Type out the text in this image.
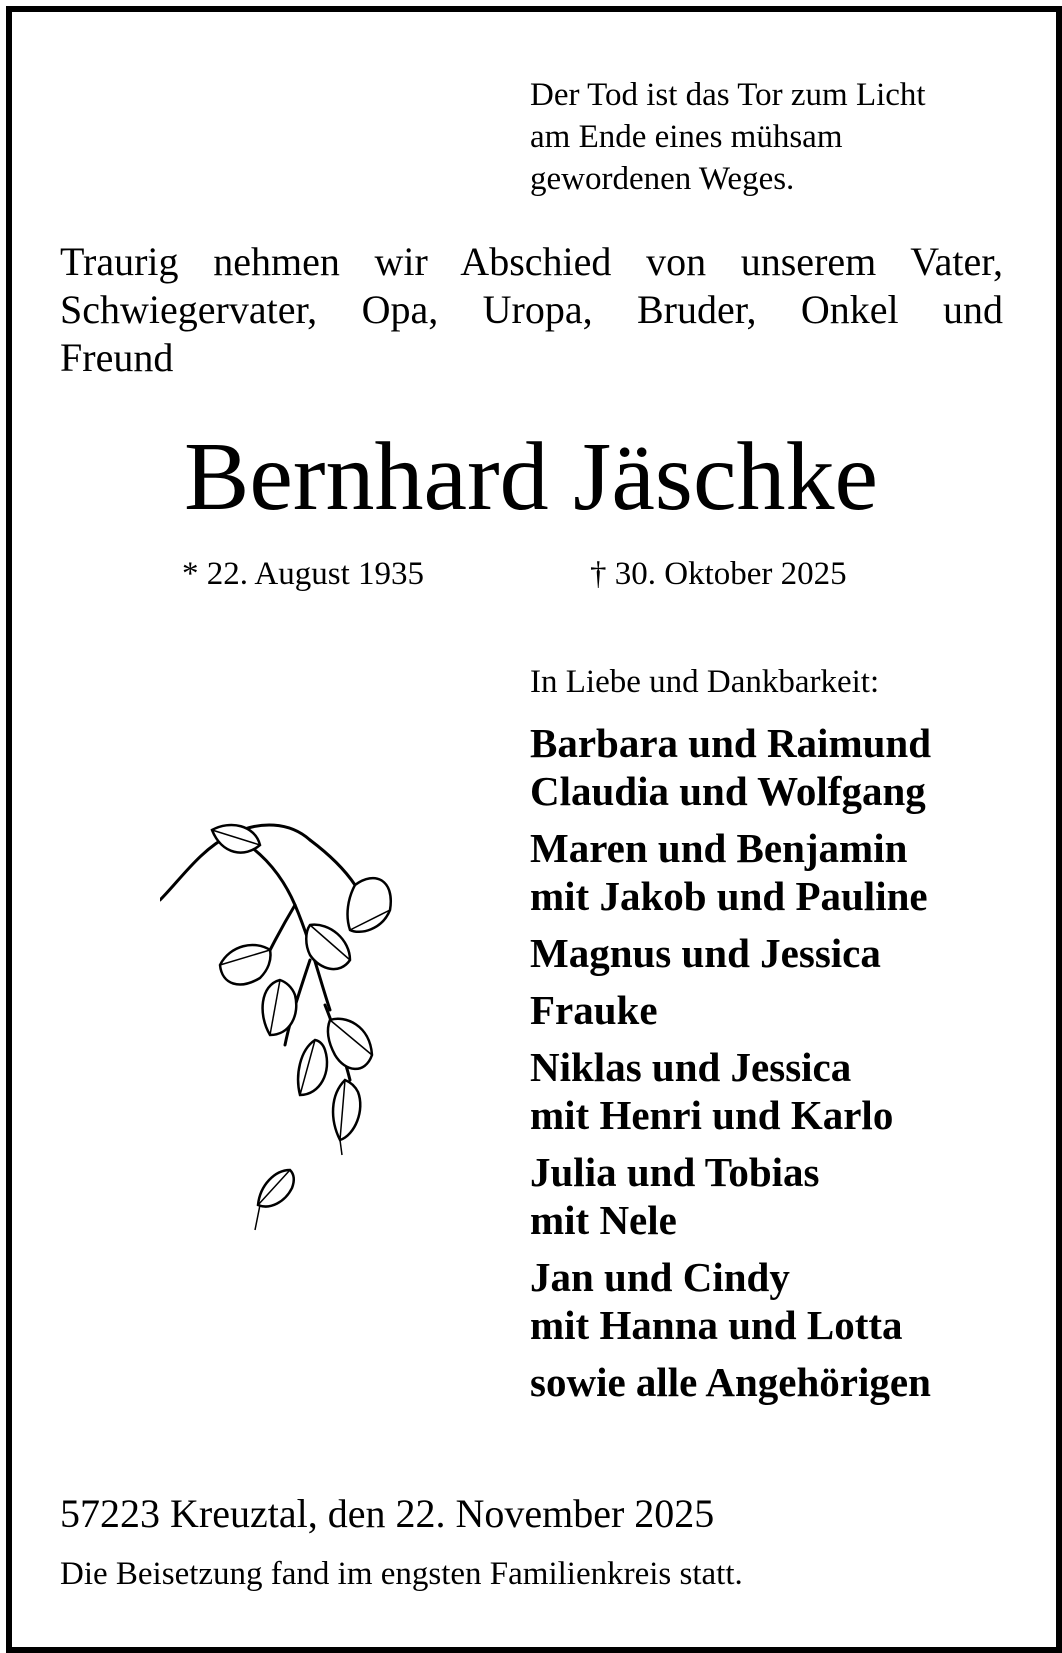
Der Tod ist das Tor zum Licht
am Ende eines mühsam
gewordenen Weges.
Traurig nehmen wir Abschied von unserem Vater,
Schwiegervater, Opa, Uropa, Bruder, Onkel und
Freund
Bernhard Jäschke
* 22. August 1935	† 30. Oktober 2025
In Liebe und Dankbarkeit:
Barbara und Raimund
Claudia und Wolfgang
Maren und Benjamin
mit Jakob und Pauline
Magnus und Jessica
Frauke
Niklas und Jessica
mit Henri und Karlo
Julia und Tobias
mit Nele
Jan und Cindy
mit Hanna und Lotta
sowie alle Angehörigen
57223 Kreuztal, den 22. November 2025
Die Beisetzung fand im engsten Familienkreis statt.
